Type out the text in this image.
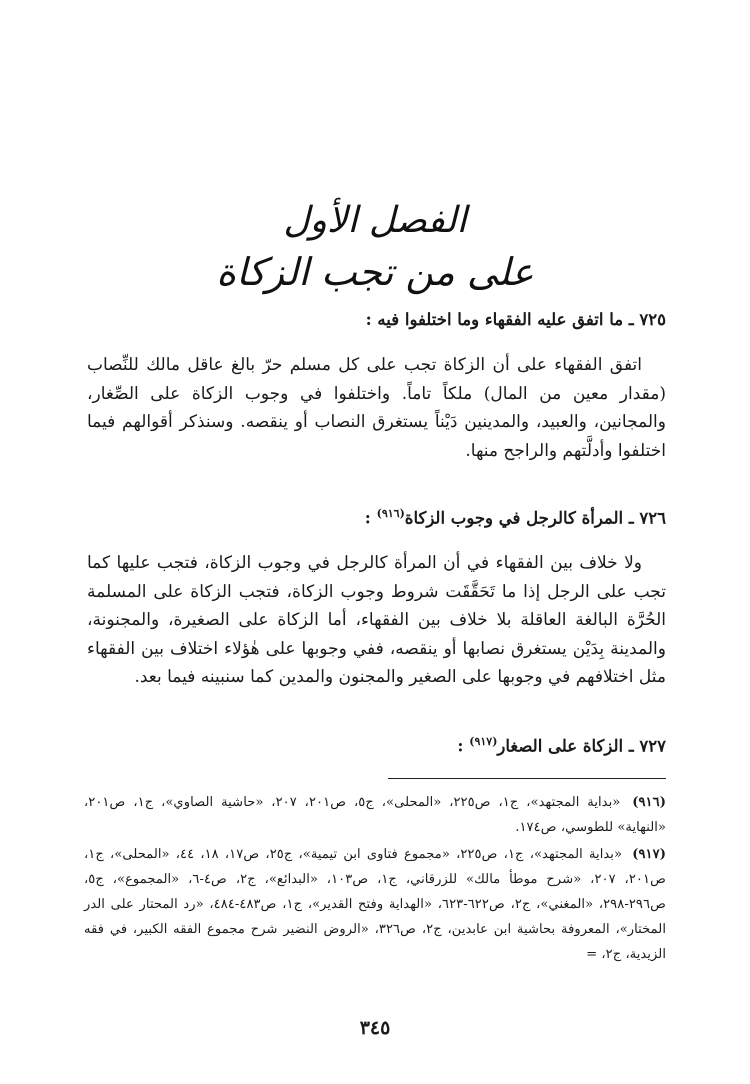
الفصل الأول
على من تجب الزكاة
٧٢٥ ـ ما اتفق عليه الفقهاء وما اختلفوا فيه :

اتفق الفقهاء على أن الزكاة تجب على كل مسلم حرّ بالغ عاقل مالك للنِّصاب (مقدار معين من المال) ملكاً تاماً. واختلفوا في وجوب الزكاة على الصِّغار، والمجانين، والعبيد، والمدينين دَيْناً يستغرق النصاب أو ينقصه. وسنذكر أقوالهم فيما اختلفوا وأدلَّتهم والراجح منها.

٧٢٦ ـ المرأة كالرجل في وجوب الزكاة$^{(٩١٦)}$ :

ولا خلاف بين الفقهاء في أن المرأة كالرجل في وجوب الزكاة، فتجب عليها كما تجب على الرجل إذا ما تَحَقَّقَت شروط وجوب الزكاة، فتجب الزكاة على المسلمة الحُرَّة البالغة العاقلة بلا خلاف بين الفقهاء، أما الزكاة على الصغيرة، والمجنونة، والمدينة بِدَيْن يستغرق نصابها أو ينقصه، ففي وجوبها على هٰؤلاء اختلاف بين الفقهاء مثل اختلافهم في وجوبها على الصغير والمجنون والمدين كما سنبينه فيما بعد.

٧٢٧ ـ الزكاة على الصغار$^{(٩١٧)}$ :

(٩١٦) «بداية المجتهد»، ج١، ص٢٢٥، «المحلى»، ج٥، ص٢٠١، ٢٠٧، «حاشية الصاوي»، ج١، ص٢٠١، «النهاية» للطوسي، ص١٧٤.

(٩١٧) «بداية المجتهد»، ج١، ص٢٢٥، «مجموع فتاوى ابن تيمية»، ج٢٥، ص١٧، ١٨، ٤٤، «المحلى»، ج١، ص٢٠١، ٢٠٧، «شرح موطأ مالك» للزرقاني، ج١، ص١٠٣، «البدائع»، ج٢، ص٤-٦، «المجموع»، ج٥، ص٢٩٦-٢٩٨، «المغني»، ج٢، ص٦٢٢-٦٢٣، «الهداية وفتح القدير»، ج١، ص٤٨٣-٤٨٤، «رد المحتار على الدر المختار»، المعروفة بحاشية ابن عابدين، ج٢، ص٣٢٦، «الروض النضير شرح مجموع الفقه الكبير، في فقه الزيدية، ج٢، =

٣٤٥
